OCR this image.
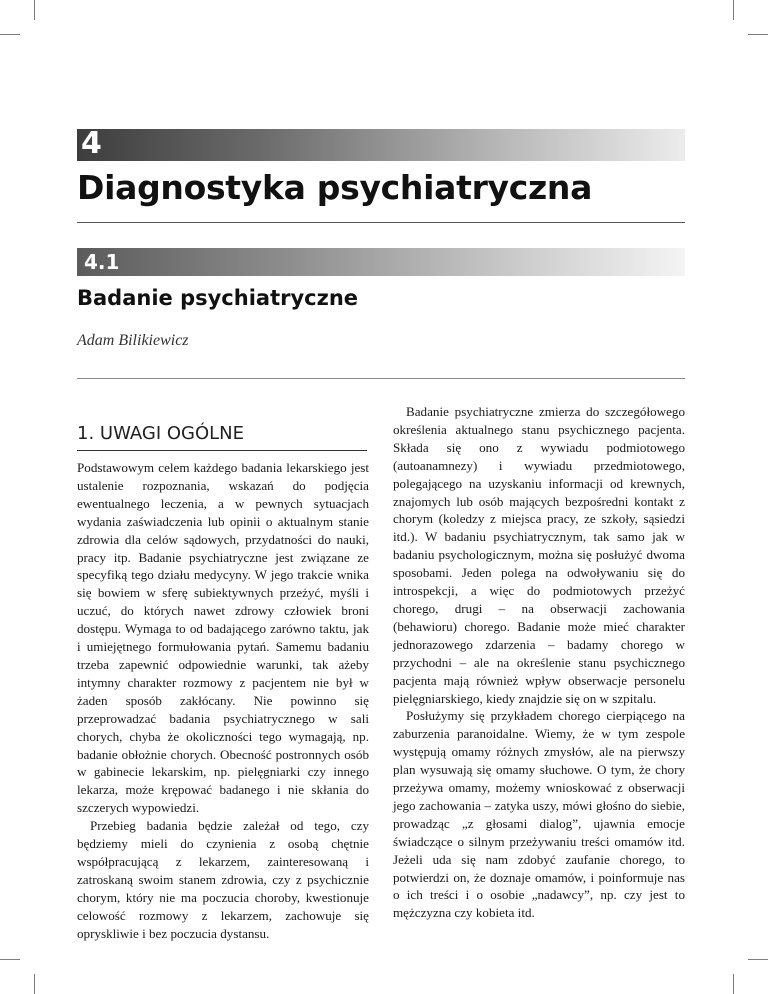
4
Diagnostyka psychiatryczna
4.1
Badanie psychiatryczne
Adam Bilikiewicz
1. UWAGI OGÓLNE

Podstawowym celem każdego badania lekarskiego jest ustalenie rozpoznania, wskazań do podjęcia ewentualnego leczenia, a w pewnych sytuacjach wydania zaświadczenia lub opinii o aktualnym stanie zdrowia dla celów sądowych, przydatności do nauki, pracy itp. Badanie psychiatryczne jest związane ze specyfiką tego działu medycyny. W jego trakcie wnika się bowiem w sferę subiektywnych przeżyć, myśli i uczuć, do których nawet zdrowy człowiek broni dostępu. Wymaga to od badającego zarówno taktu, jak i umiejętnego formułowania pytań. Samemu badaniu trzeba zapewnić odpowiednie warunki, tak ażeby intymny charakter rozmowy z pacjentem nie był w żaden sposób zakłócany. Nie powinno się przeprowadzać badania psychiatrycznego w sali chorych, chyba że okoliczności tego wymagają, np. badanie obłożnie chorych. Obecność postronnych osób w gabinecie lekarskim, np. pielęgniarki czy innego lekarza, może krępować badanego i nie skłania do szczerych wypowiedzi.

Przebieg badania będzie zależał od tego, czy będziemy mieli do czynienia z osobą chętnie współpracującą z lekarzem, zainteresowaną i zatroskaną swoim stanem zdrowia, czy z psychicznie chorym, który nie ma poczucia choroby, kwestionuje celowość rozmowy z lekarzem, zachowuje się opryskliwie i bez poczucia dystansu.

Badanie psychiatryczne zmierza do szczegółowego określenia aktualnego stanu psychicznego pacjenta. Składa się ono z wywiadu podmiotowego (autoanamnezy) i wywiadu przedmiotowego, polegającego na uzyskaniu informacji od krewnych, znajomych lub osób mających bezpośredni kontakt z chorym (koledzy z miejsca pracy, ze szkoły, sąsiedzi itd.). W badaniu psychiatrycznym, tak samo jak w badaniu psychologicznym, można się posłużyć dwoma sposobami. Jeden polega na odwoływaniu się do introspekcji, a więc do podmiotowych przeżyć chorego, drugi – na obserwacji zachowania (behawioru) chorego. Badanie może mieć charakter jednorazowego zdarzenia – badamy chorego w przychodni – ale na określenie stanu psychicznego pacjenta mają również wpływ obserwacje personelu pielęgniarskiego, kiedy znajdzie się on w szpitalu.

Posłużymy się przykładem chorego cierpiącego na zaburzenia paranoidalne. Wiemy, że w tym zespole występują omamy różnych zmysłów, ale na pierwszy plan wysuwają się omamy słuchowe. O tym, że chory przeżywa omamy, możemy wnioskować z obserwacji jego zachowania – zatyka uszy, mówi głośno do siebie, prowadząc „z głosami dialog”, ujawnia emocje świadczące o silnym przeżywaniu treści omamów itd. Jeżeli uda się nam zdobyć zaufanie chorego, to potwierdzi on, że doznaje omamów, i poinformuje nas o ich treści i o osobie „nadawcy”, np. czy jest to mężczyzna czy kobieta itd.
